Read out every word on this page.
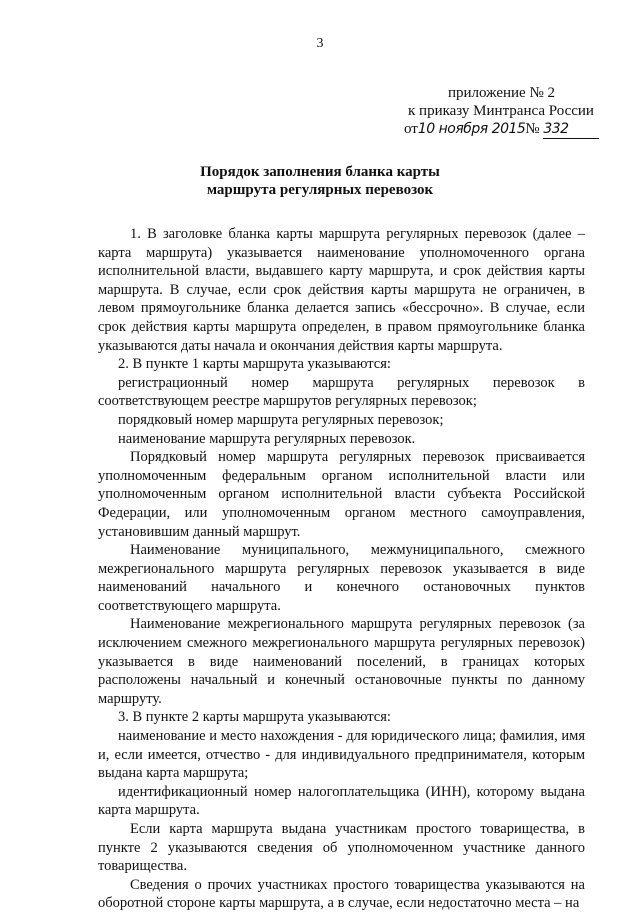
3
приложение № 2
к приказу Минтранса России
от10 ноября 2015№ 332
Порядок заполнения бланка карты
маршрута регулярных перевозок

1. В заголовке бланка карты маршрута регулярных перевозок (далее – карта маршрута) указывается наименование уполномоченного органа исполнительной власти, выдавшего карту маршрута, и срок действия карты маршрута. В случае, если срок действия карты маршрута не ограничен, в левом прямоугольнике бланка делается запись «бессрочно». В случае, если срок действия карты маршрута определен, в правом прямоугольнике бланка указываются даты начала и окончания действия карты маршрута.

2. В пункте 1 карты маршрута указываются:

регистрационный номер маршрута регулярных перевозок в соответствующем реестре маршрутов регулярных перевозок;

порядковый номер маршрута регулярных перевозок;

наименование маршрута регулярных перевозок.

Порядковый номер маршрута регулярных перевозок присваивается уполномоченным федеральным органом исполнительной власти или уполномоченным органом исполнительной власти субъекта Российской Федерации, или уполномоченным органом местного самоуправления, установившим данный маршрут.

Наименование муниципального, межмуниципального, смежного межрегионального маршрута регулярных перевозок указывается в виде наименований начального и конечного остановочных пунктов соответствующего маршрута.

Наименование межрегионального маршрута регулярных перевозок (за исключением смежного межрегионального маршрута регулярных перевозок) указывается в виде наименований поселений, в границах которых расположены начальный и конечный остановочные пункты по данному маршруту.

3. В пункте 2 карты маршрута указываются:

наименование и место нахождения - для юридического лица; фамилия, имя и, если имеется, отчество - для индивидуального предпринимателя, которым выдана карта маршрута;

идентификационный номер налогоплательщика (ИНН), которому выдана карта маршрута.

Если карта маршрута выдана участникам простого товарищества, в пункте 2 указываются сведения об уполномоченном участнике данного товарищества.

Сведения о прочих участниках простого товарищества указываются на оборотной стороне карты маршрута, а в случае, если недостаточно места – на
